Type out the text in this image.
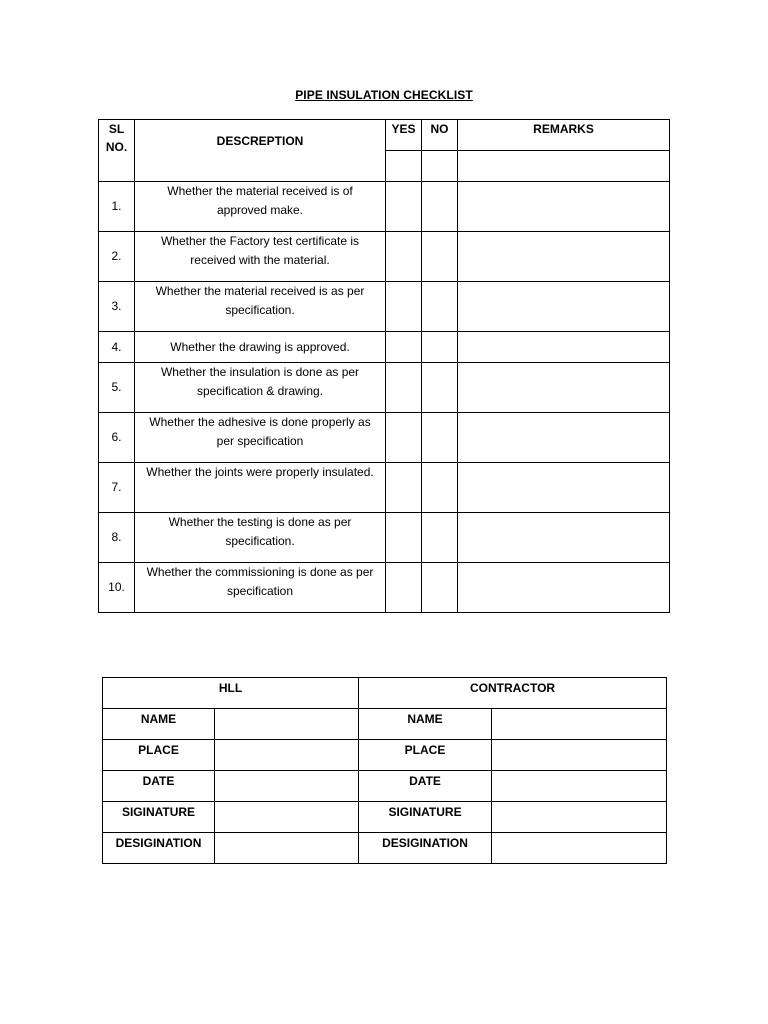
PIPE INSULATION CHECKLIST
SL
NO.	DESCREPTION	YES	NO	REMARKS

1.	Whether the material received is of approved make.			
2.	Whether the Factory test certificate is received with the material.			
3.	Whether the material received is as per specification.			
4.	Whether the drawing is approved.			
5.	Whether the insulation is done as per specification & drawing.			
6.	Whether the adhesive is done properly as per specification			
7.	Whether the joints were properly insulated.			
8.	Whether the testing is done as per specification.			
10.	Whether the commissioning is done as per specification			
HLL		CONTRACTOR	
NAME		NAME	
PLACE		PLACE	
DATE		DATE	
SIGINATURE		SIGINATURE	
DESIGINATION		DESIGINATION	
